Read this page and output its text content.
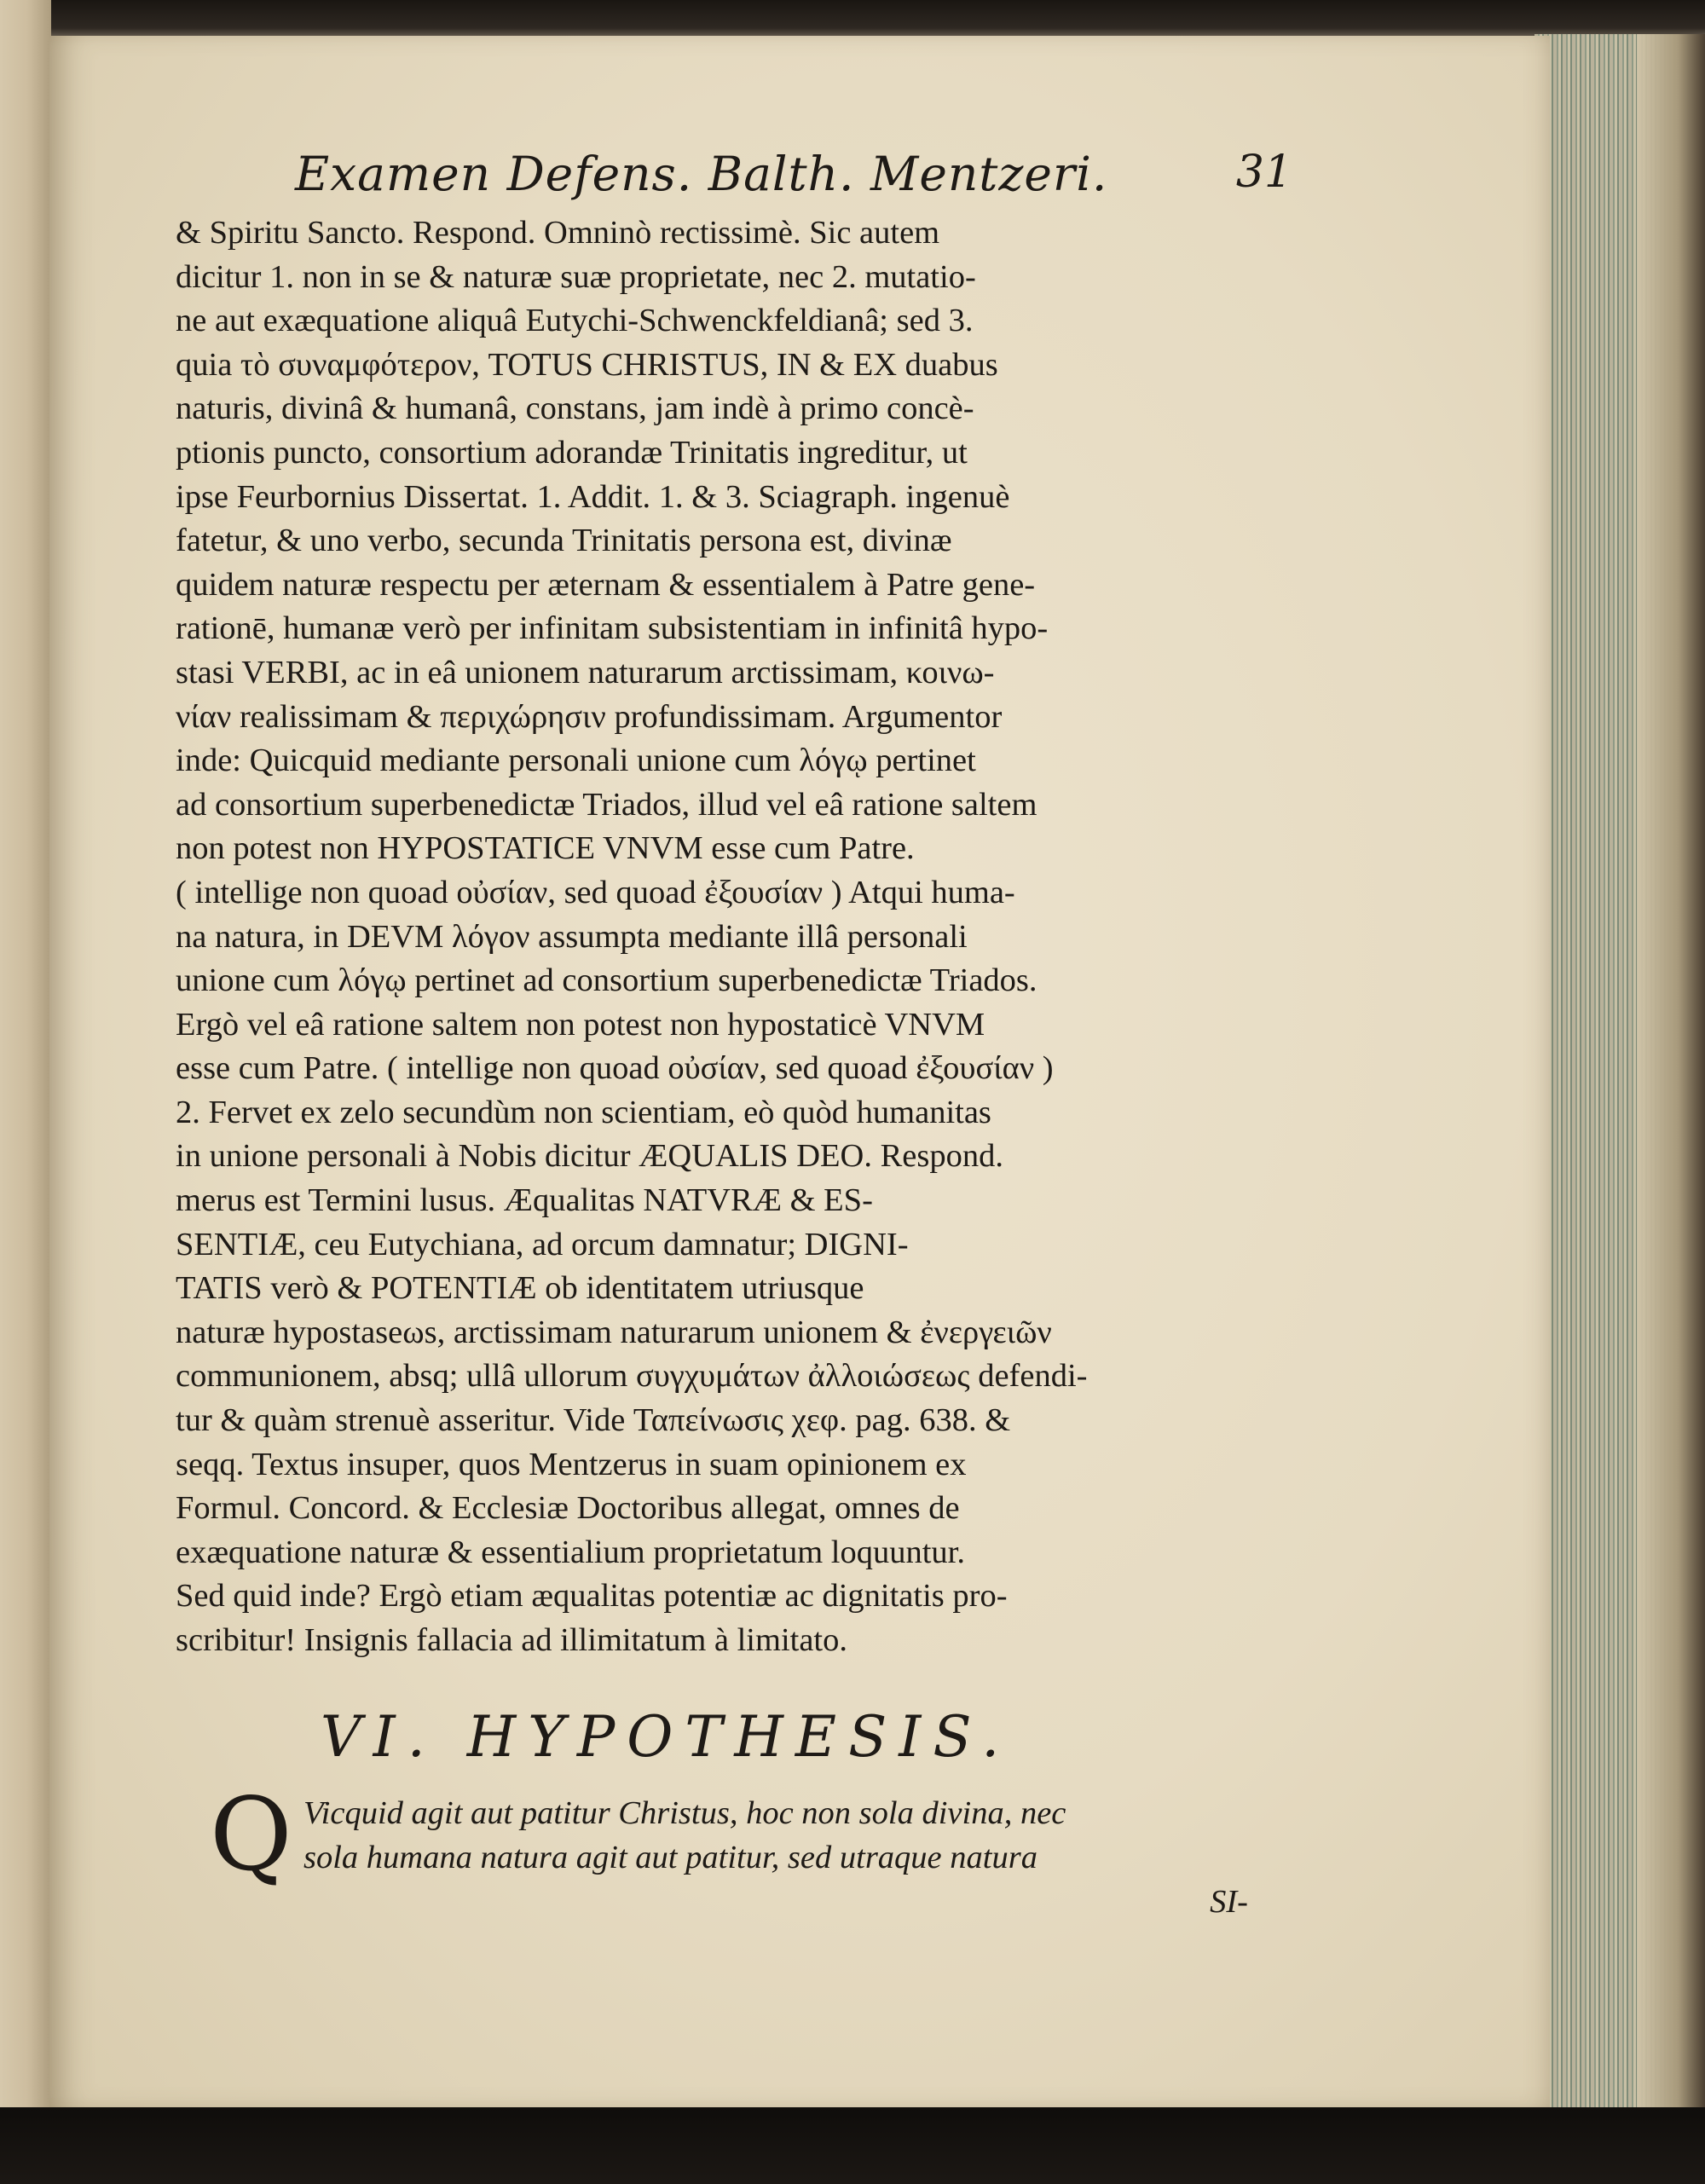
Examen Defens. Balth. Mentzeri.	31
& Spiritu Sancto. Respond. Omninò rectissimè. Sic autem
dicitur 1. non in se & naturæ suæ proprietate, nec 2. mutatio-
ne aut exæquatione aliquâ Eutychi-Schwenckfeldianâ; sed 3.
quia τὸ συναμφότερον, TOTUS CHRISTUS, IN & EX duabus
naturis, divinâ & humanâ, constans, jam indè à primo concè-
ptionis puncto, consortium adorandæ Trinitatis ingreditur, ut
ipse Feurbornius Dissertat. 1. Addit. 1. & 3. Sciagraph. ingenuè
fatetur, & uno verbo, secunda Trinitatis persona est, divinæ
quidem naturæ respectu per æternam & essentialem à Patre gene-
rationē, humanæ verò per infinitam subsistentiam in infinitâ hypo-
stasi VERBI, ac in eâ unionem naturarum arctissimam, κοινω-
νίαν realissimam & περιχώρησιν profundissimam. Argumentor
inde: Quicquid mediante personali unione cum λόγῳ pertinet
ad consortium superbenedictæ Triados, illud vel eâ ratione saltem
non potest non HYPOSTATICE VNVM esse cum Patre.
( intellige non quoad οὐσίαν, sed quoad ἐξουσίαν ) Atqui huma-
na natura, in DEVM λόγον assumpta mediante illâ personali
unione cum λόγῳ pertinet ad consortium superbenedictæ Triados.
Ergò vel eâ ratione saltem non potest non hypostaticè VNVM
esse cum Patre. ( intellige non quoad οὐσίαν, sed quoad ἐξουσίαν )
2. Fervet ex zelo secundùm non scientiam, eò quòd humanitas
in unione personali à Nobis dicitur ÆQUALIS DEO. Respond.
merus est Termini lusus. Æqualitas NATVRÆ & ES-
SENTIÆ, ceu Eutychiana, ad orcum damnatur; DIGNI-
TATIS verò & POTENTIÆ ob identitatem utriusque
naturæ hypostaseωs, arctissimam naturarum unionem & ἐνεργειῶν
communionem, absq; ullâ ullorum συγχυμάτων ἀλλοιώσεως defendi-
tur & quàm strenuè asseritur. Vide Ταπείνωσις χεφ. pag. 638. &
seqq. Textus insuper, quos Mentzerus in suam opinionem ex
Formul. Concord. & Ecclesiæ Doctoribus allegat, omnes de
exæquatione naturæ & essentialium proprietatum loquuntur.
Sed quid inde? Ergò etiam æqualitas potentiæ ac dignitatis pro-
scribitur! Insignis fallacia ad illimitatum à limitato.
VI. HYPOTHESIS.
Q Vicquid agit aut patitur Christus, hoc non sola divina, nec
sola humana natura agit aut patitur, sed utraque natura
SI-
